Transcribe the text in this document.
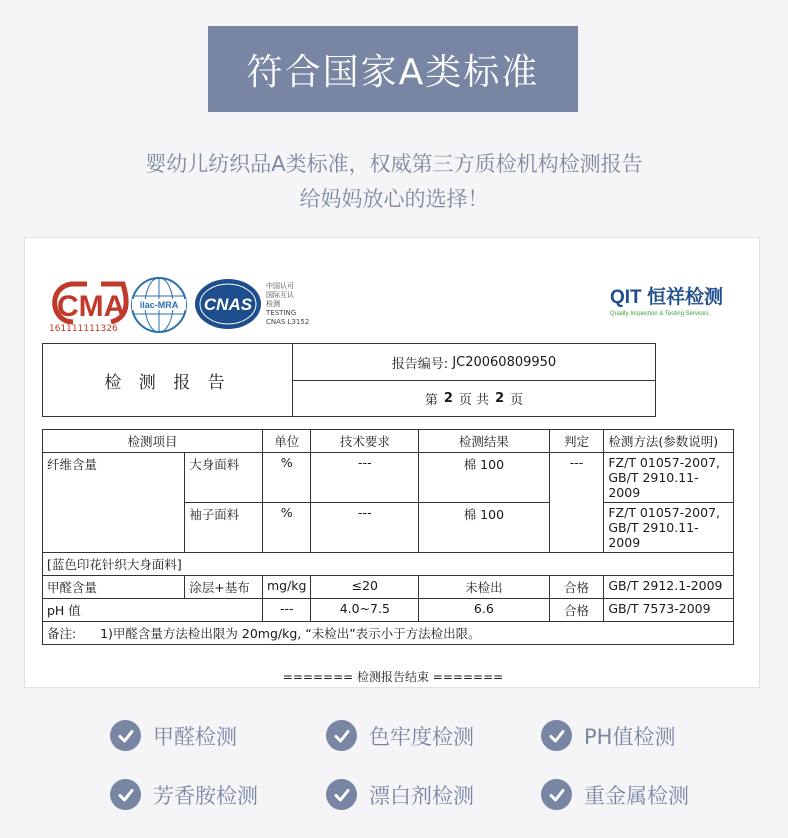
符合国家A类标准
婴幼儿纺织品A类标准，权威第三方质检机构检测报告
给妈妈放心的选择！
CMA
161111111326
ilac-MRA CNAS
中国认可
国际互认
检测
TESTING
CNAS L3152
QIT 恒祥检测
Quality Inspection & Testing Services
检 测 报 告
报告编号:
JC20060809950
第 2 页 共 2 页
检测项目		单位	技术要求	检测结果	判定	检测方法(参数说明)
纤维含量	大身面料	%	---	棉 100	---	FZ/T 01057-2007,
GB/T 2910.11-2009

	袖子面料	%	---	棉 100		FZ/T 01057-2007,
GB/T 2910.11-2009

[蓝色印花针织大身面料]						
甲醛含量	涂层+基布	mg/kg	≤20	未检出	合格	GB/T 2912.1-2009
pH 值		---	4.0~7.5	6.6	合格	GB/T 7573-2009
备注: 1)甲醛含量方法检出限为 20mg/kg, “未检出”表示小于方法检出限。						
======= 检测报告结束 =======
甲醛检测	色牢度检测	PH值检测
芳香胺检测	漂白剂检测	重金属检测
